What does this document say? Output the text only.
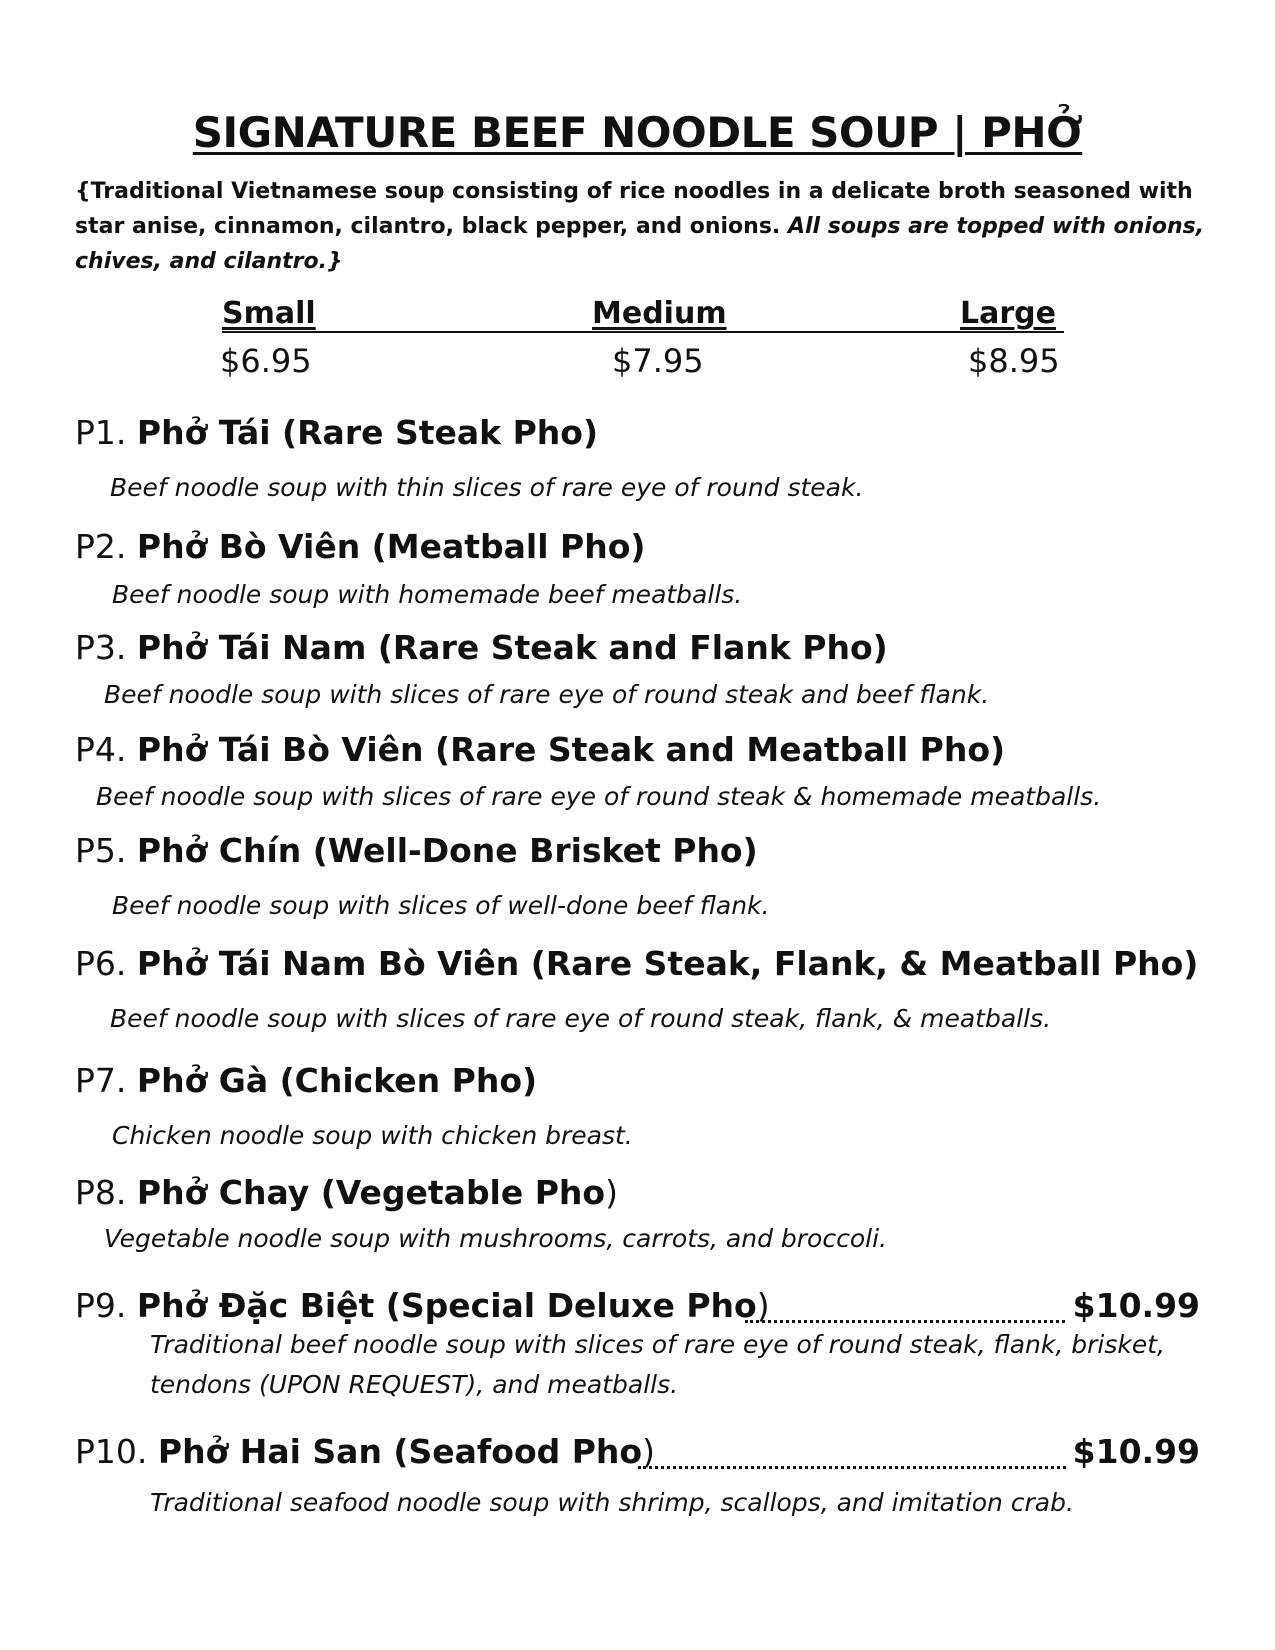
SIGNATURE BEEF NOODLE SOUP | PHỞ
{Traditional Vietnamese soup consisting of rice noodles in a delicate broth seasoned with star anise, cinnamon, cilantro, black pepper, and onions. All soups are topped with onions, chives, and cilantro.}
Small	Medium	Large
$6.95	$7.95	$8.95
P1. Phở Tái (Rare Steak Pho)
Beef noodle soup with thin slices of rare eye of round steak.
P2. Phở Bò Viên (Meatball Pho)
Beef noodle soup with homemade beef meatballs.
P3. Phở Tái Nam (Rare Steak and Flank Pho)
Beef noodle soup with slices of rare eye of round steak and beef flank.
P4. Phở Tái Bò Viên (Rare Steak and Meatball Pho)
Beef noodle soup with slices of rare eye of round steak & homemade meatballs.
P5. Phở Chín (Well-Done Brisket Pho)
Beef noodle soup with slices of well-done beef flank.
P6. Phở Tái Nam Bò Viên (Rare Steak, Flank, & Meatball Pho)
Beef noodle soup with slices of rare eye of round steak, flank, & meatballs.
P7. Phở Gà (Chicken Pho)
Chicken noodle soup with chicken breast.
P8. Phở Chay (Vegetable Pho)
Vegetable noodle soup with mushrooms, carrots, and broccoli.
P9. Phở Đặc Biệt (Special Deluxe Pho)	$10.99
Traditional beef noodle soup with slices of rare eye of round steak, flank, brisket, tendons (UPON REQUEST), and meatballs.
P10. Phở Hai San (Seafood Pho)	$10.99
Traditional seafood noodle soup with shrimp, scallops, and imitation crab.
